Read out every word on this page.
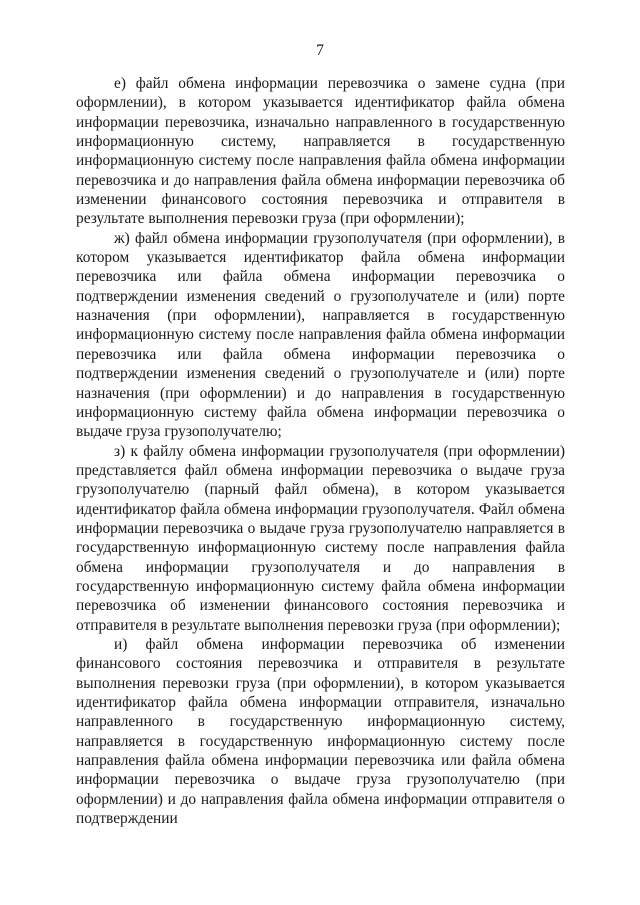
7

е) файл обмена информации перевозчика о замене судна (при оформлении), в котором указывается идентификатор файла обмена информации перевозчика, изначально направленного в государственную информационную систему, направляется в государственную информационную систему после направления файла обмена информации перевозчика и до направления файла обмена информации перевозчика об изменении финансового состояния перевозчика и отправителя в результате выполнения перевозки груза (при оформлении);

ж) файл обмена информации грузополучателя (при оформлении), в котором указывается идентификатор файла обмена информации перевозчика или файла обмена информации перевозчика о подтверждении изменения сведений о грузополучателе и (или) порте назначения (при оформлении), направляется в государственную информационную систему после направления файла обмена информации перевозчика или файла обмена информации перевозчика о подтверждении изменения сведений о грузополучателе и (или) порте назначения (при оформлении) и до направления в государственную информационную систему файла обмена информации перевозчика о выдаче груза грузополучателю;

з) к файлу обмена информации грузополучателя (при оформлении) представляется файл обмена информации перевозчика о выдаче груза грузополучателю (парный файл обмена), в котором указывается идентификатор файла обмена информации грузополучателя. Файл обмена информации перевозчика о выдаче груза грузополучателю направляется в государственную информационную систему после направления файла обмена информации грузополучателя и до направления в государственную информационную систему файла обмена информации перевозчика об изменении финансового состояния перевозчика и отправителя в результате выполнения перевозки груза (при оформлении);

и) файл обмена информации перевозчика об изменении финансового состояния перевозчика и отправителя в результате выполнения перевозки груза (при оформлении), в котором указывается идентификатор файла обмена информации отправителя, изначально направленного в государственную информационную систему, направляется в государственную информационную систему после направления файла обмена информации перевозчика или файла обмена информации перевозчика о выдаче груза грузополучателю (при оформлении) и до направления файла обмена информации отправителя о подтверждении
